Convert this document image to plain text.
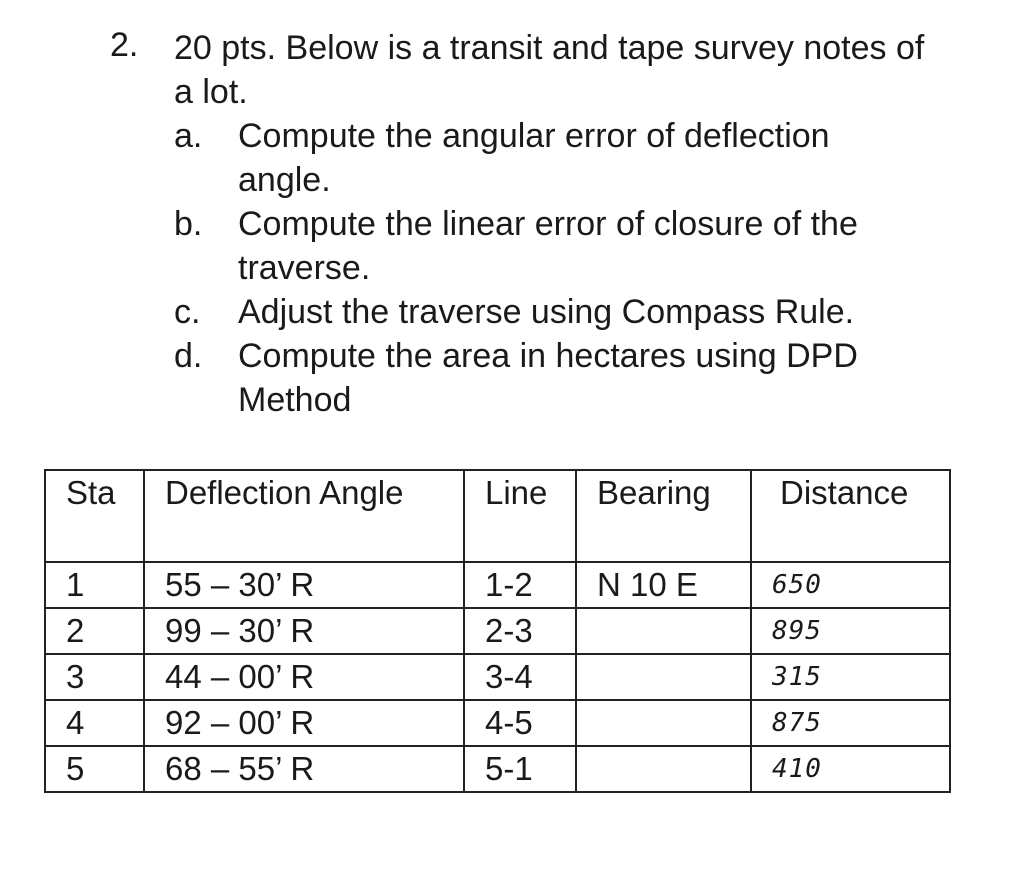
2. 20 pts. Below is a transit and tape survey notes of a lot.
a.	Compute the angular error of deflection angle.
b.	Compute the linear error of closure of the traverse.
c.	Adjust the traverse using Compass Rule.
d.	Compute the area in hectares using DPD Method
Sta	Deflection Angle	Line	Bearing	Distance
1	55 – 30’ R	1-2	N 10 E	650
2	99 – 30’ R	2-3		895
3	44 – 00’ R	3-4		315
4	92 – 00’ R	4-5		875
5	68 – 55’ R	5-1		410
